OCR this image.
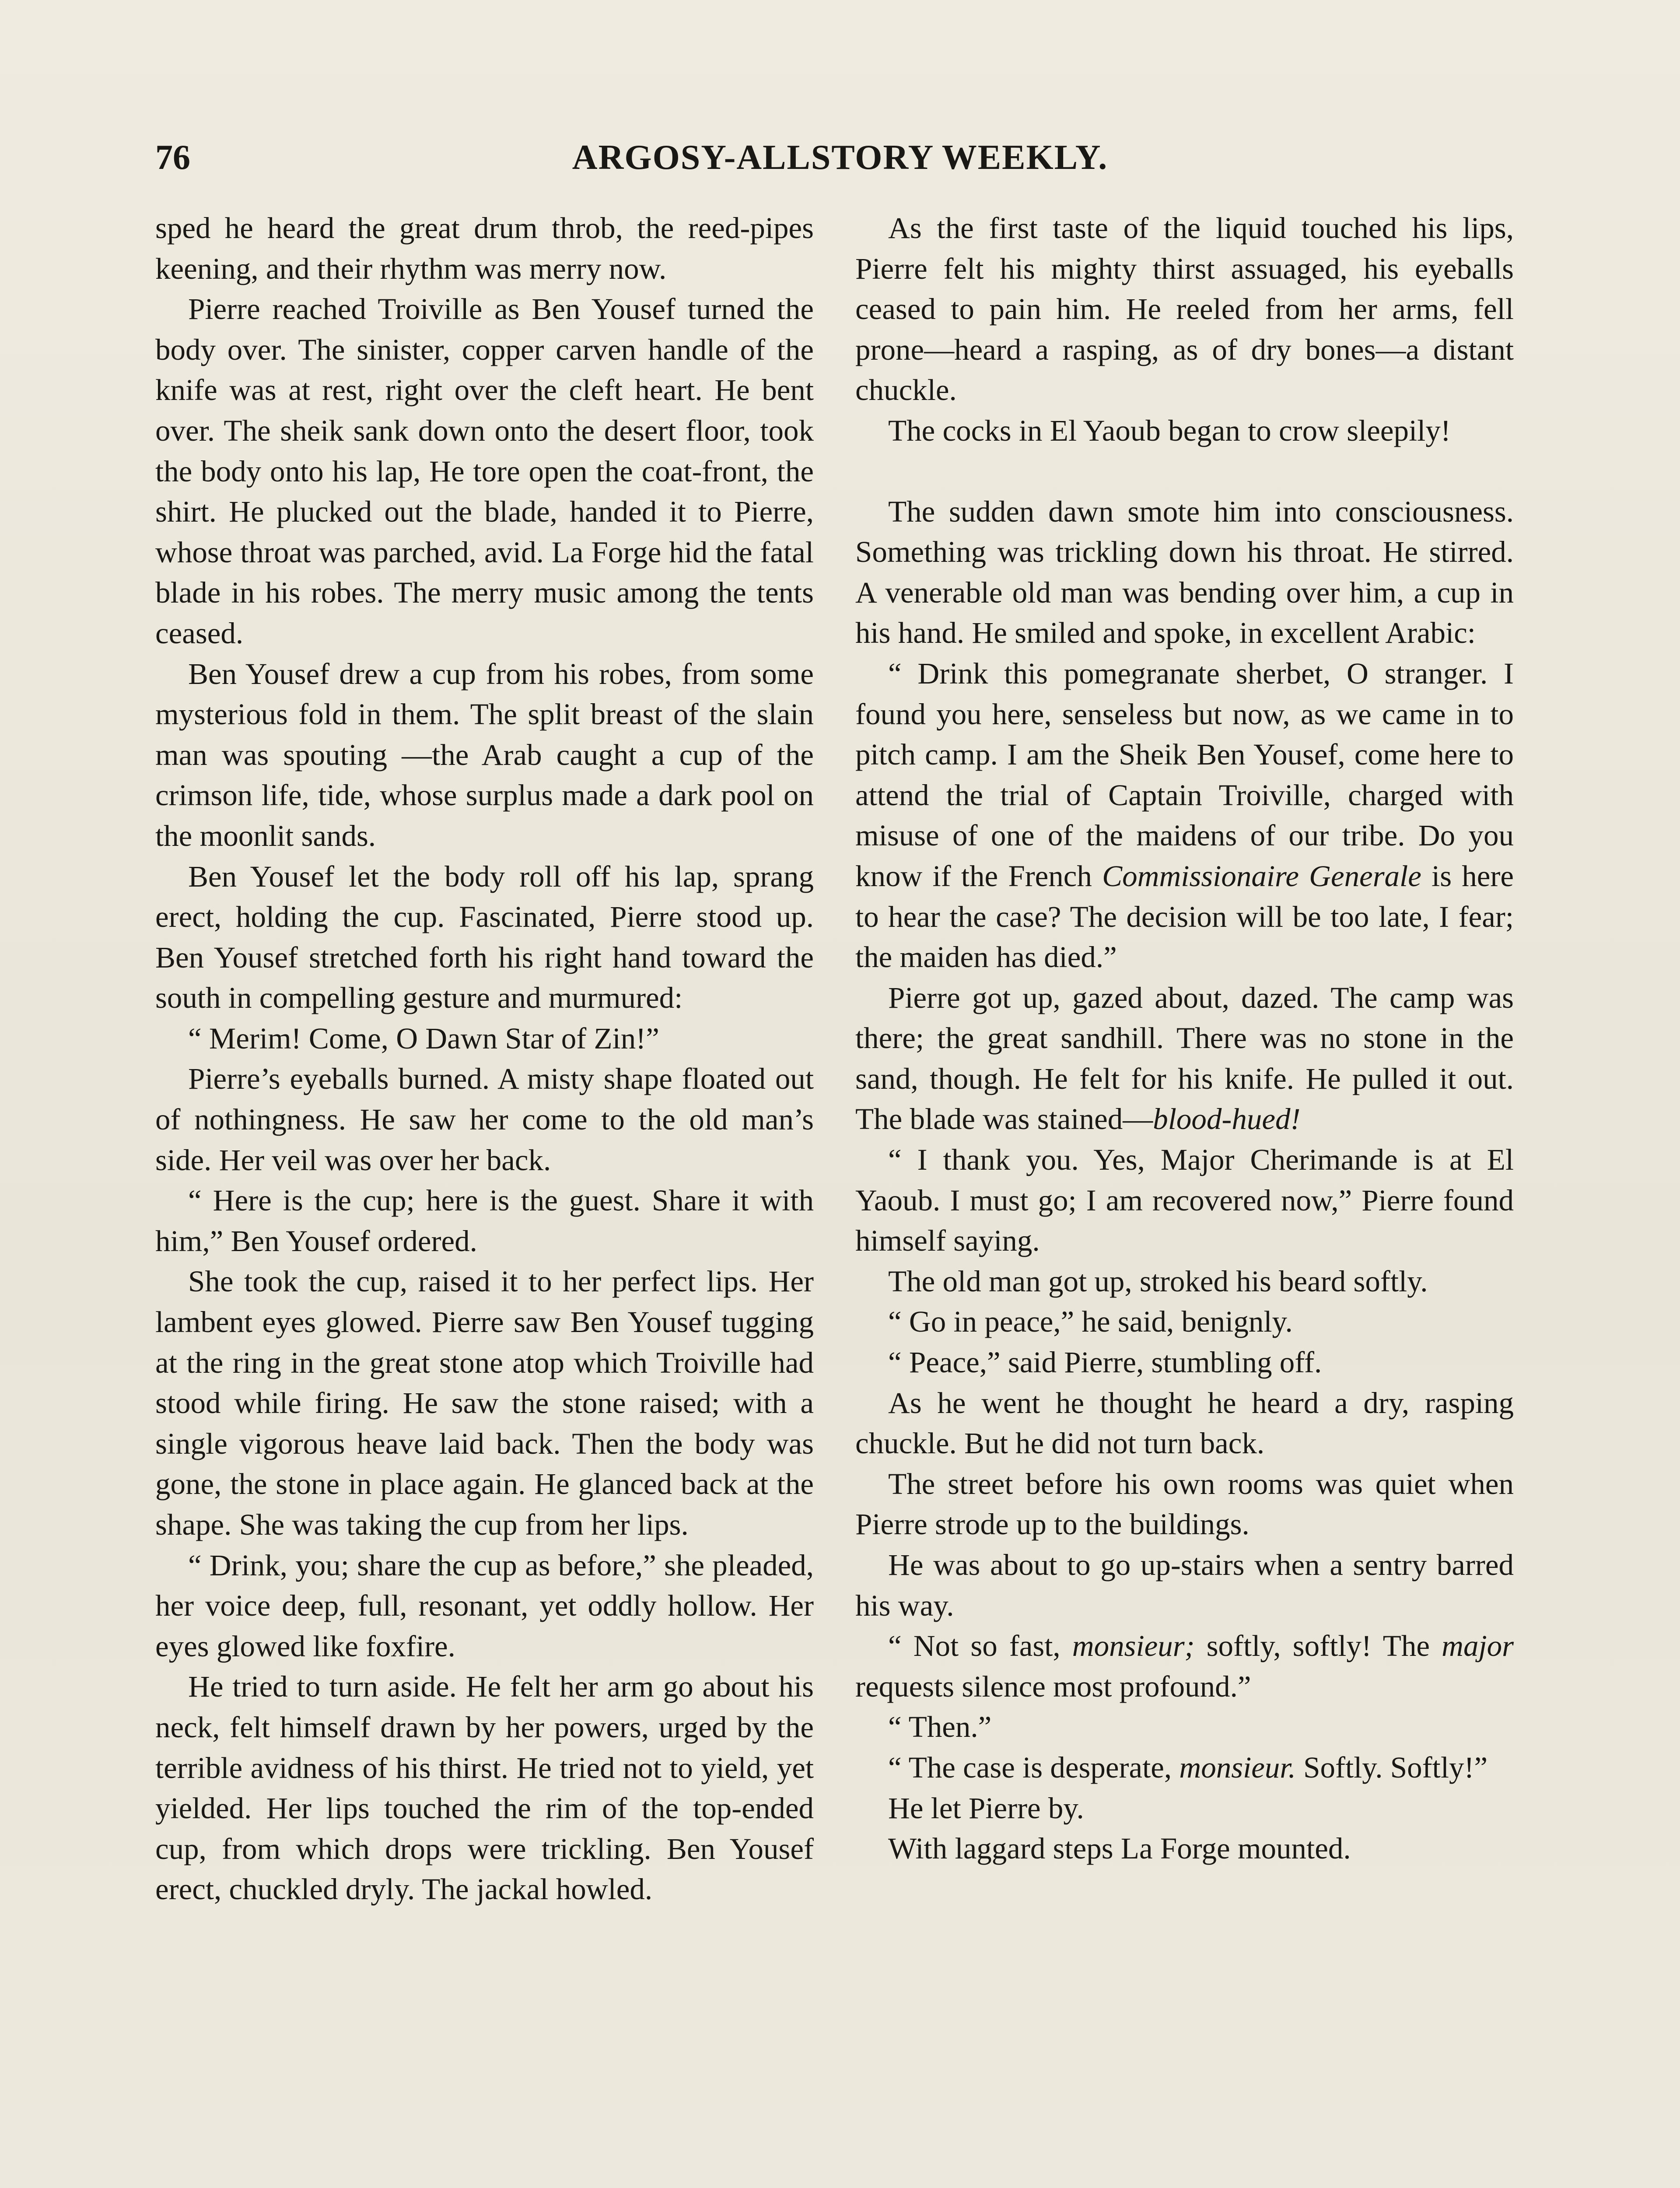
76	ARGOSY-ALLSTORY WEEKLY.

sped he heard the great drum throb, the reed-pipes keening, and their rhythm was merry now.

Pierre reached Troiville as Ben Yousef turned the body over. The sinister, copper carven handle of the knife was at rest, right over the cleft heart. He bent over. The sheik sank down onto the desert floor, took the body onto his lap, He tore open the coat-front, the shirt. He plucked out the blade, handed it to Pierre, whose throat was parched, avid. La Forge hid the fatal blade in his robes. The merry music among the tents ceased.

Ben Yousef drew a cup from his robes, from some mysterious fold in them. The split breast of the slain man was spouting —the Arab caught a cup of the crimson life, tide, whose surplus made a dark pool on the moonlit sands.

Ben Yousef let the body roll off his lap, sprang erect, holding the cup. Fascinated, Pierre stood up. Ben Yousef stretched forth his right hand toward the south in compelling gesture and murmured:

“ Merim! Come, O Dawn Star of Zin!”

Pierre’s eyeballs burned. A misty shape floated out of nothingness. He saw her come to the old man’s side. Her veil was over her back.

“ Here is the cup; here is the guest. Share it with him,” Ben Yousef ordered.

She took the cup, raised it to her perfect lips. Her lambent eyes glowed. Pierre saw Ben Yousef tugging at the ring in the great stone atop which Troiville had stood while firing. He saw the stone raised; with a single vigorous heave laid back. Then the body was gone, the stone in place again. He glanced back at the shape. She was taking the cup from her lips.

“ Drink, you; share the cup as before,” she pleaded, her voice deep, full, resonant, yet oddly hollow. Her eyes glowed like foxfire.

He tried to turn aside. He felt her arm go about his neck, felt himself drawn by her powers, urged by the terrible avidness of his thirst. He tried not to yield, yet yielded. Her lips touched the rim of the top-ended cup, from which drops were trickling. Ben Yousef erect, chuckled dryly. The jackal howled.

As the first taste of the liquid touched his lips, Pierre felt his mighty thirst assuaged, his eyeballs ceased to pain him. He reeled from her arms, fell prone—heard a rasping, as of dry bones—a distant chuckle.

The cocks in El Yaoub began to crow sleepily!

The sudden dawn smote him into consciousness. Something was trickling down his throat. He stirred. A venerable old man was bending over him, a cup in his hand. He smiled and spoke, in excellent Arabic:

“ Drink this pomegranate sherbet, O stranger. I found you here, senseless but now, as we came in to pitch camp. I am the Sheik Ben Yousef, come here to attend the trial of Captain Troiville, charged with misuse of one of the maidens of our tribe. Do you know if the French Commissionaire Generale is here to hear the case? The decision will be too late, I fear; the maiden has died.”

Pierre got up, gazed about, dazed. The camp was there; the great sandhill. There was no stone in the sand, though. He felt for his knife. He pulled it out. The blade was stained—blood-hued!

“ I thank you. Yes, Major Cherimande is at El Yaoub. I must go; I am recovered now,” Pierre found himself saying.

The old man got up, stroked his beard softly.

“ Go in peace,” he said, benignly.

“ Peace,” said Pierre, stumbling off.

As he went he thought he heard a dry, rasping chuckle. But he did not turn back.

The street before his own rooms was quiet when Pierre strode up to the buildings.

He was about to go up-stairs when a sentry barred his way.

“ Not so fast, monsieur; softly, softly! The major requests silence most profound.”

“ Then.”

“ The case is desperate, monsieur. Softly. Softly!”

He let Pierre by.

With laggard steps La Forge mounted.
